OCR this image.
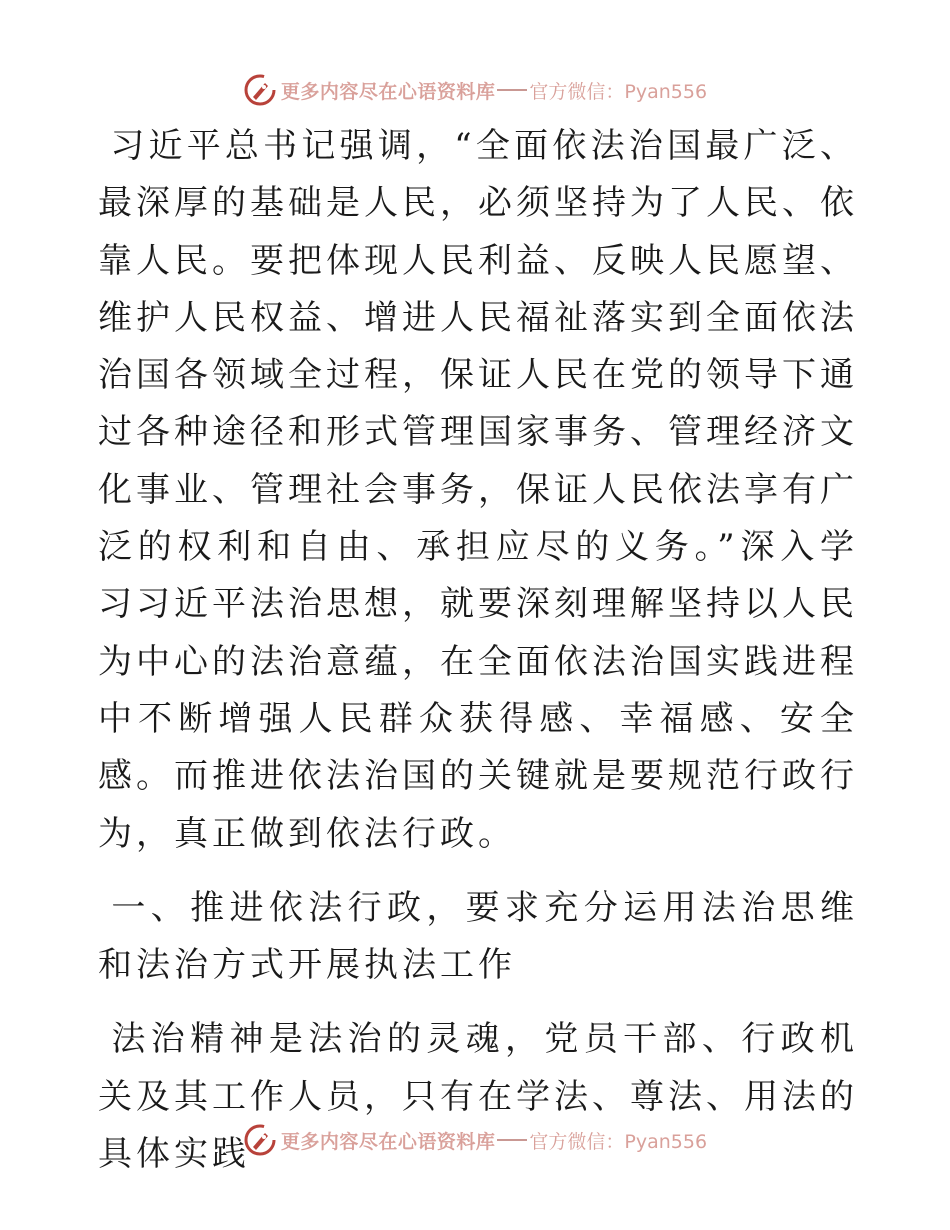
更多内容尽在心语资料库 官方微信：Pyan556

习近平总书记强调，“全面依法治国最广泛、最深厚的基础是人民，必须坚持为了人民、依靠人民。要把体现人民利益、反映人民愿望、维护人民权益、增进人民福祉落实到全面依法治国各领域全过程，保证人民在党的领导下通过各种途径和形式管理国家事务、管理经济文化事业、管理社会事务，保证人民依法享有广泛的权利和自由、承担应尽的义务。”深入学习习近平法治思想，就要深刻理解坚持以人民为中心的法治意蕴，在全面依法治国实践进程中不断增强人民群众获得感、幸福感、安全感。而推进依法治国的关键就是要规范行政行为，真正做到依法行政。

一、推进依法行政，要求充分运用法治思维和法治方式开展执法工作

法治精神是法治的灵魂，党员干部、行政机关及其工作人员，只有在学法、尊法、用法的具体实践	更多内容尽在心语资料库 官方微信：Pyan556
